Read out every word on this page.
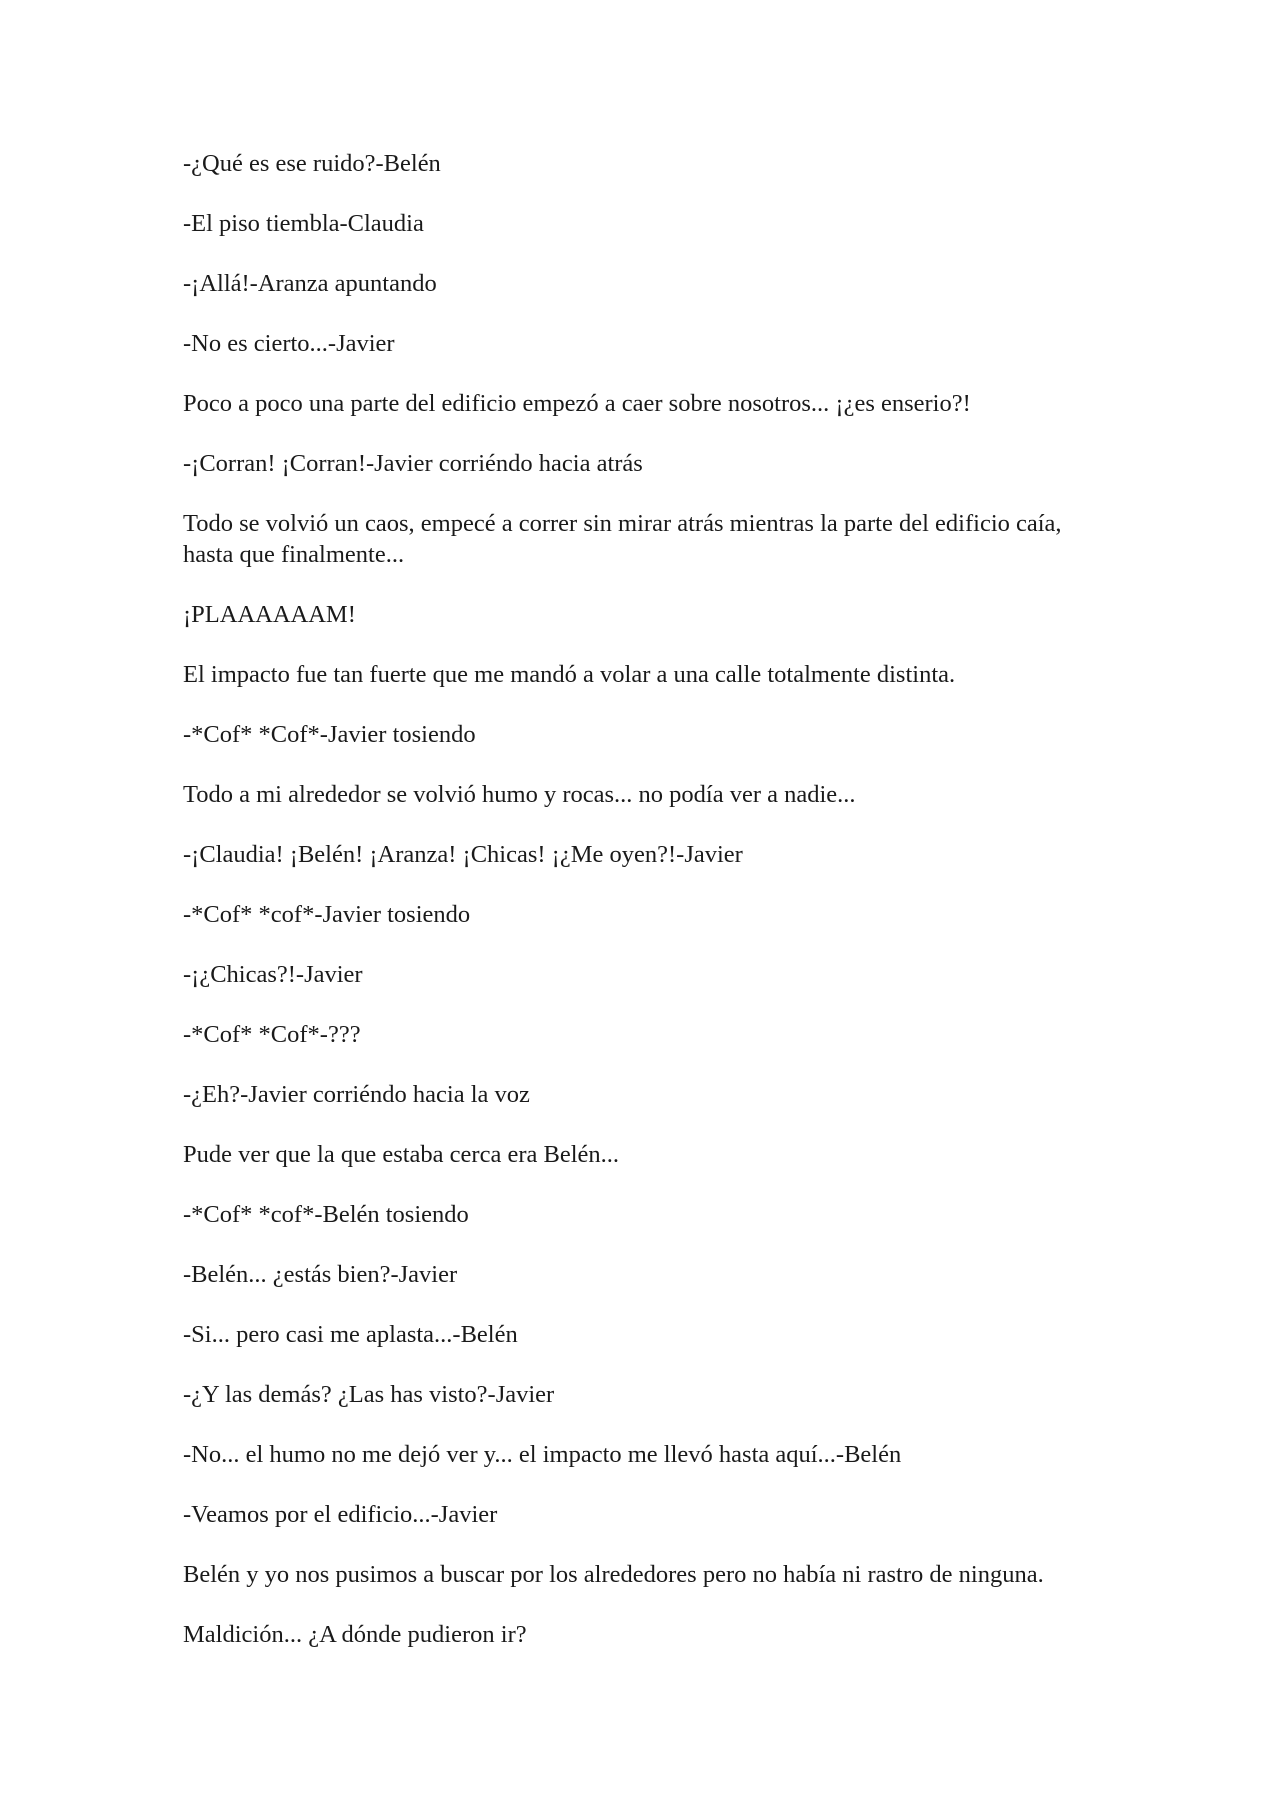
-¿Qué es ese ruido?-Belén

-El piso tiembla-Claudia

-¡Allá!-Aranza apuntando

-No es cierto...-Javier

Poco a poco una parte del edificio empezó a caer sobre nosotros... ¡¿es enserio?!

-¡Corran! ¡Corran!-Javier corriéndo hacia atrás

Todo se volvió un caos, empecé a correr sin mirar atrás mientras la parte del edificio caía, hasta que finalmente...

¡PLAAAAAAM!

El impacto fue tan fuerte que me mandó a volar a una calle totalmente distinta.

-*Cof* *Cof*-Javier tosiendo

Todo a mi alrededor se volvió humo y rocas... no podía ver a nadie...

-¡Claudia! ¡Belén! ¡Aranza! ¡Chicas! ¡¿Me oyen?!-Javier

-*Cof* *cof*-Javier tosiendo

-¡¿Chicas?!-Javier

-*Cof* *Cof*-???

-¿Eh?-Javier corriéndo hacia la voz

Pude ver que la que estaba cerca era Belén...

-*Cof* *cof*-Belén tosiendo

-Belén... ¿estás bien?-Javier

-Si... pero casi me aplasta...-Belén

-¿Y las demás? ¿Las has visto?-Javier

-No... el humo no me dejó ver y... el impacto me llevó hasta aquí...-Belén

-Veamos por el edificio...-Javier

Belén y yo nos pusimos a buscar por los alrededores pero no había ni rastro de ninguna.

Maldición... ¿A dónde pudieron ir?
